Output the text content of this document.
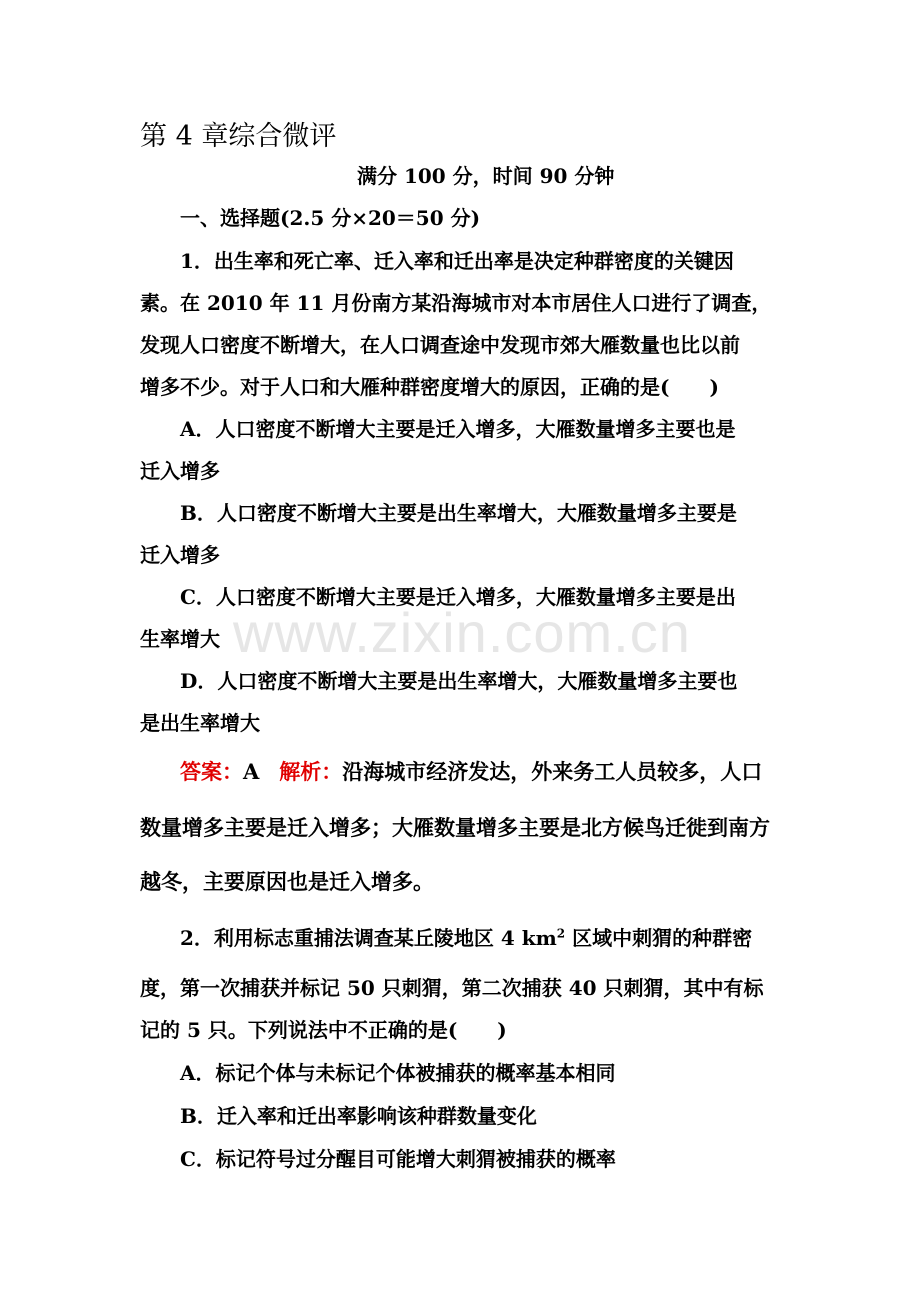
www.zixin.com.cn
第 4 章综合微评
满分 100 分，时间 90 分钟
一、选择题(2.5 分×20＝50 分)
1．出生率和死亡率、迁入率和迁出率是决定种群密度的关键因
素。在 2010 年 11 月份南方某沿海城市对本市居住人口进行了调查，
发现人口密度不断增大，在人口调查途中发现市郊大雁数量也比以前
增多不少。对于人口和大雁种群密度增大的原因，正确的是(　　)
A．人口密度不断增大主要是迁入增多，大雁数量增多主要也是
迁入增多
B．人口密度不断增大主要是出生率增大，大雁数量增多主要是
迁入增多
C．人口密度不断增大主要是迁入增多，大雁数量增多主要是出
生率增大
D．人口密度不断增大主要是出生率增大，大雁数量增多主要也
是出生率增大
答案：A 解析：沿海城市经济发达，外来务工人员较多，人口
数量增多主要是迁入增多；大雁数量增多主要是北方候鸟迁徙到南方
越冬，主要原因也是迁入增多。
2．利用标志重捕法调查某丘陵地区 4 $km^2$ 区域中刺猬的种群密
度，第一次捕获并标记 50 只刺猬，第二次捕获 40 只刺猬，其中有标
记的 5 只。下列说法中不正确的是(　　)
A．标记个体与未标记个体被捕获的概率基本相同
B．迁入率和迁出率影响该种群数量变化
C．标记符号过分醒目可能增大刺猬被捕获的概率
